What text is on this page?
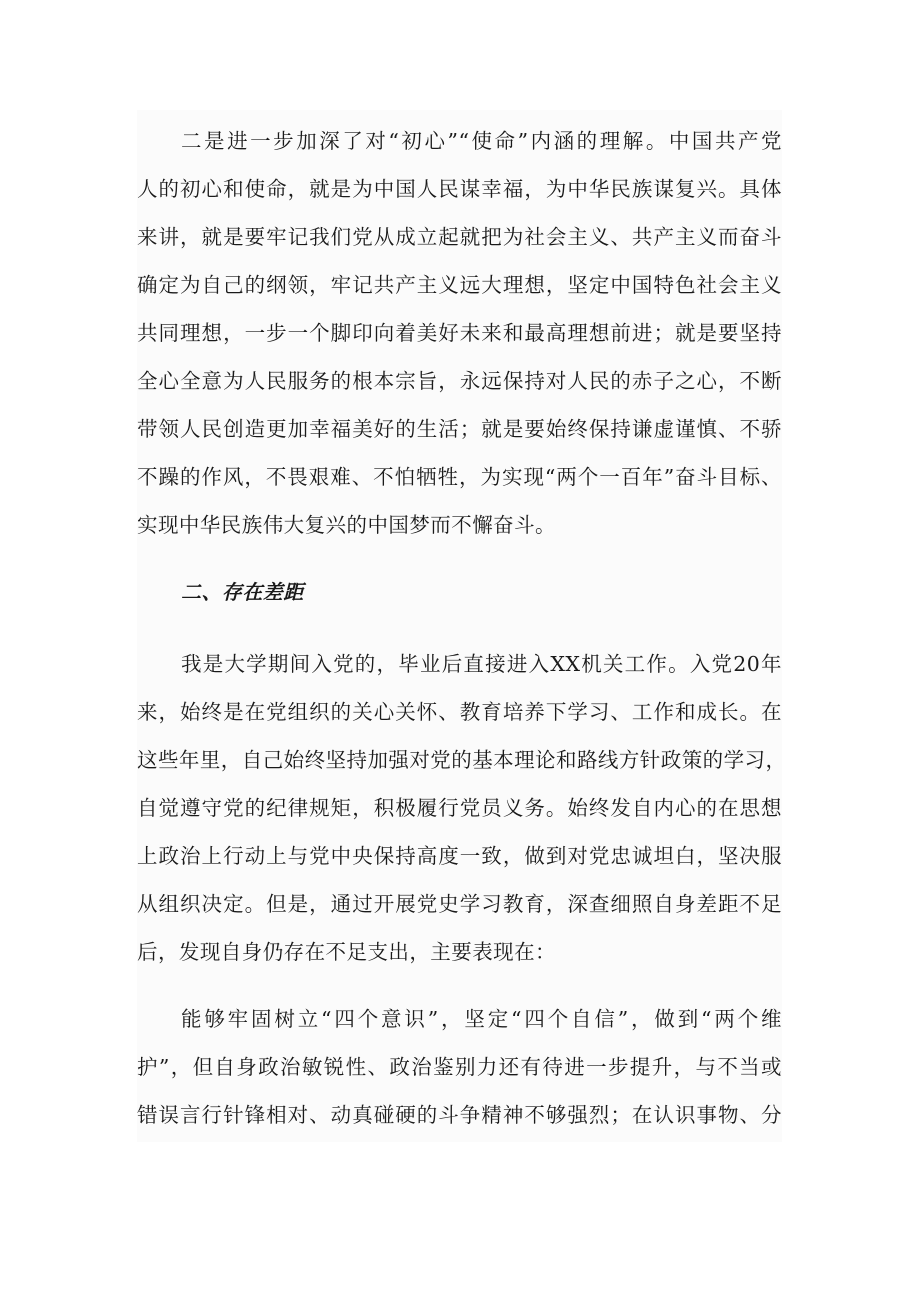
二是进一步加深了对“初心”“使命”内涵的理解。中国共产党
人的初心和使命，就是为中国人民谋幸福，为中华民族谋复兴。具体
来讲，就是要牢记我们党从成立起就把为社会主义、共产主义而奋斗
确定为自己的纲领，牢记共产主义远大理想，坚定中国特色社会主义
共同理想，一步一个脚印向着美好未来和最高理想前进；就是要坚持
全心全意为人民服务的根本宗旨，永远保持对人民的赤子之心，不断
带领人民创造更加幸福美好的生活；就是要始终保持谦虚谨慎、不骄
不躁的作风，不畏艰难、不怕牺牲，为实现“两个一百年”奋斗目标、
实现中华民族伟大复兴的中国梦而不懈奋斗。
二、存在差距
我是大学期间入党的，毕业后直接进入XX机关工作。入党20年
来，始终是在党组织的关心关怀、教育培养下学习、工作和成长。在
这些年里，自己始终坚持加强对党的基本理论和路线方针政策的学习，
自觉遵守党的纪律规矩，积极履行党员义务。始终发自内心的在思想
上政治上行动上与党中央保持高度一致，做到对党忠诚坦白，坚决服
从组织决定。但是，通过开展党史学习教育，深查细照自身差距不足
后，发现自身仍存在不足支出，主要表现在：
能够牢固树立“四个意识”，坚定“四个自信”，做到“两个维
护”，但自身政治敏锐性、政治鉴别力还有待进一步提升，与不当或
错误言行针锋相对、动真碰硬的斗争精神不够强烈；在认识事物、分
